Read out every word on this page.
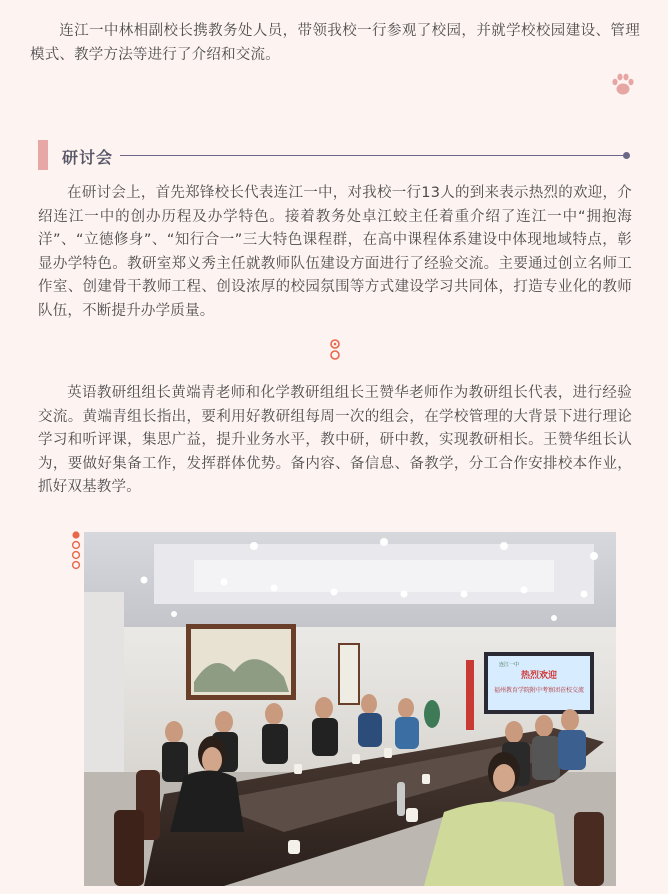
连江一中林相副校长携教务处人员，带领我校一行参观了校园，并就学校校园建设、管理模式、教学方法等进行了介绍和交流。

研讨会

在研讨会上，首先郑锋校长代表连江一中，对我校一行13人的到来表示热烈的欢迎，介绍连江一中的创办历程及办学特色。接着教务处卓江蛟主任着重介绍了连江一中“拥抱海洋”、“立德修身”、“知行合一”三大特色课程群，在高中课程体系建设中体现地域特点，彰显办学特色。教研室郑义秀主任就教师队伍建设方面进行了经验交流。主要通过创立名师工作室、创建骨干教师工程、创设浓厚的校园氛围等方式建设学习共同体，打造专业化的教师队伍，不断提升办学质量。

英语教研组组长黄端青老师和化学教研组组长王赞华老师作为教研组长代表，进行经验交流。黄端青组长指出，要利用好教研组每周一次的组会，在学校管理的大背景下进行理论学习和听评课，集思广益，提升业务水平，教中研，研中教，实现教研相长。王赞华组长认为，要做好集备工作，发挥群体优势。备内容、备信息、备教学，分工合作安排校本作业，抓好双基教学。

热烈欢迎
福州教育学院附中考察团莅校交流
连江一中
